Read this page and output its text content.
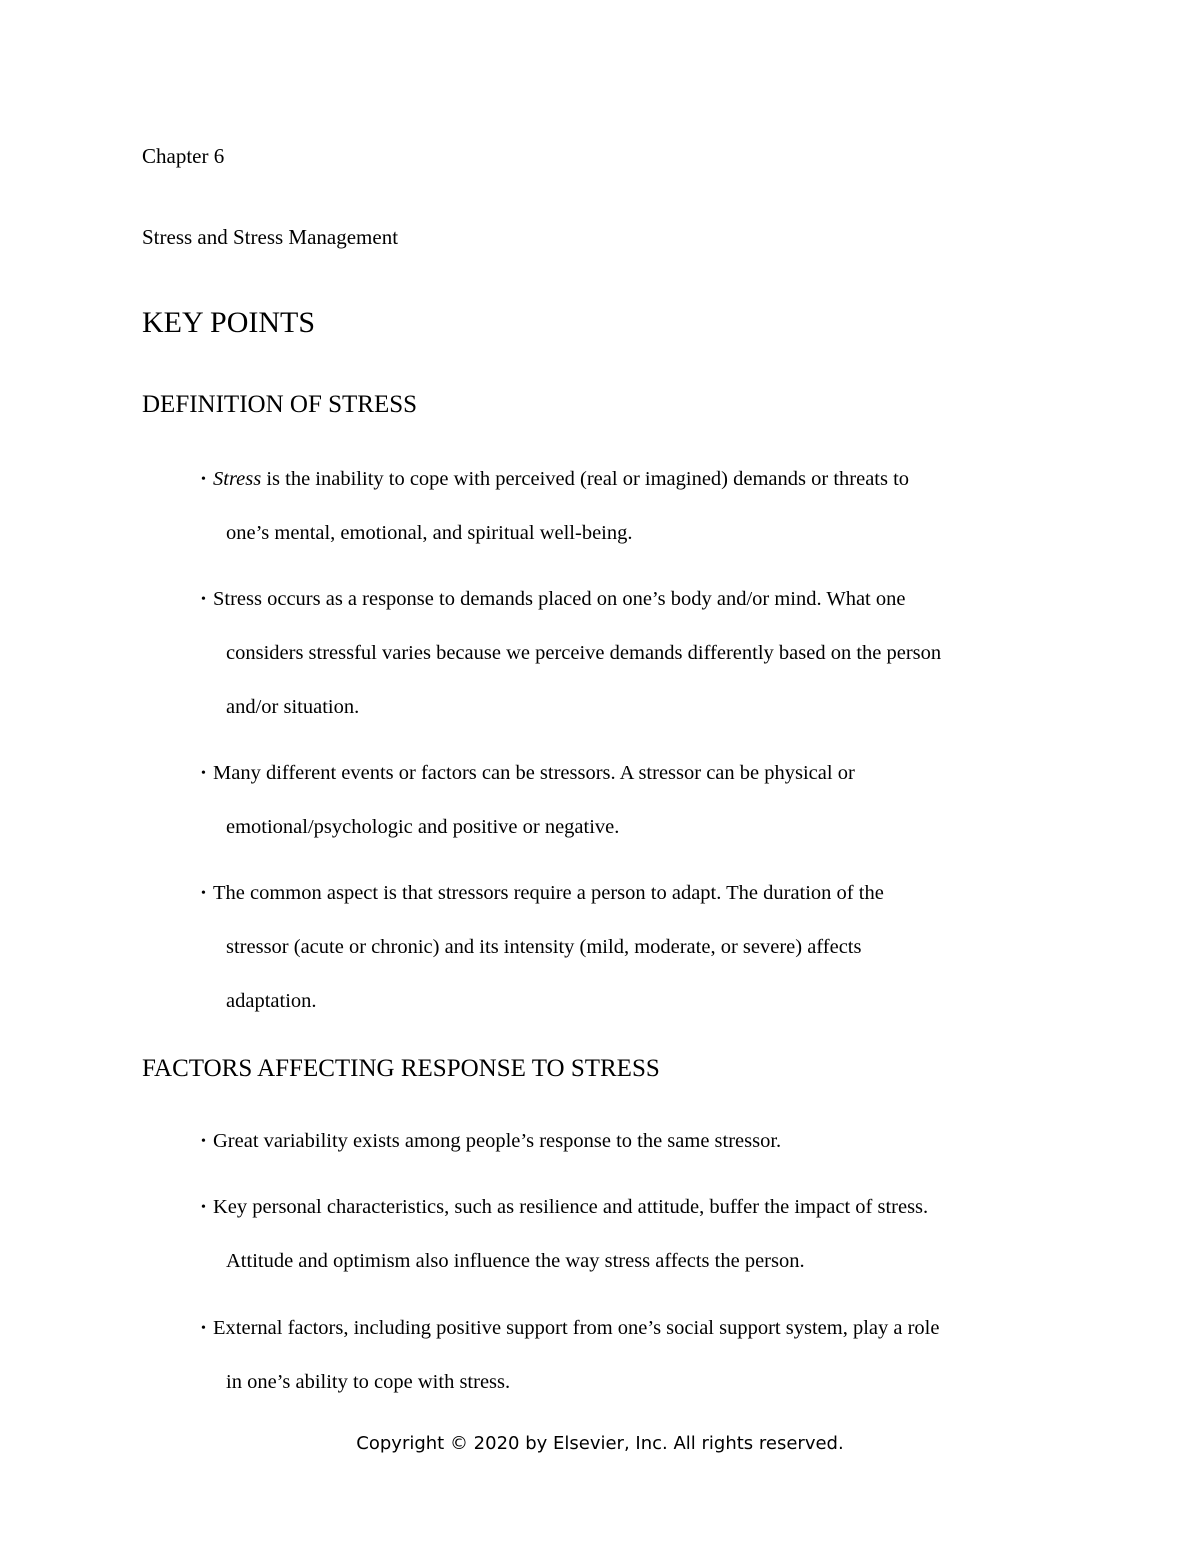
Chapter 6
Stress and Stress Management
KEY POINTS
DEFINITION OF STRESS
• Stress is the inability to cope with perceived (real or imagined) demands or threats to
one’s mental, emotional, and spiritual well-being.
• Stress occurs as a response to demands placed on one’s body and/or mind. What one
considers stressful varies because we perceive demands differently based on the person
and/or situation.
• Many different events or factors can be stressors. A stressor can be physical or
emotional/psychologic and positive or negative.
• The common aspect is that stressors require a person to adapt. The duration of the
stressor (acute or chronic) and its intensity (mild, moderate, or severe) affects
adaptation.
FACTORS AFFECTING RESPONSE TO STRESS
• Great variability exists among people’s response to the same stressor.
• Key personal characteristics, such as resilience and attitude, buffer the impact of stress.
Attitude and optimism also influence the way stress affects the person.
• External factors, including positive support from one’s social support system, play a role
in one’s ability to cope with stress.
Copyright © 2020 by Elsevier, Inc. All rights reserved.
